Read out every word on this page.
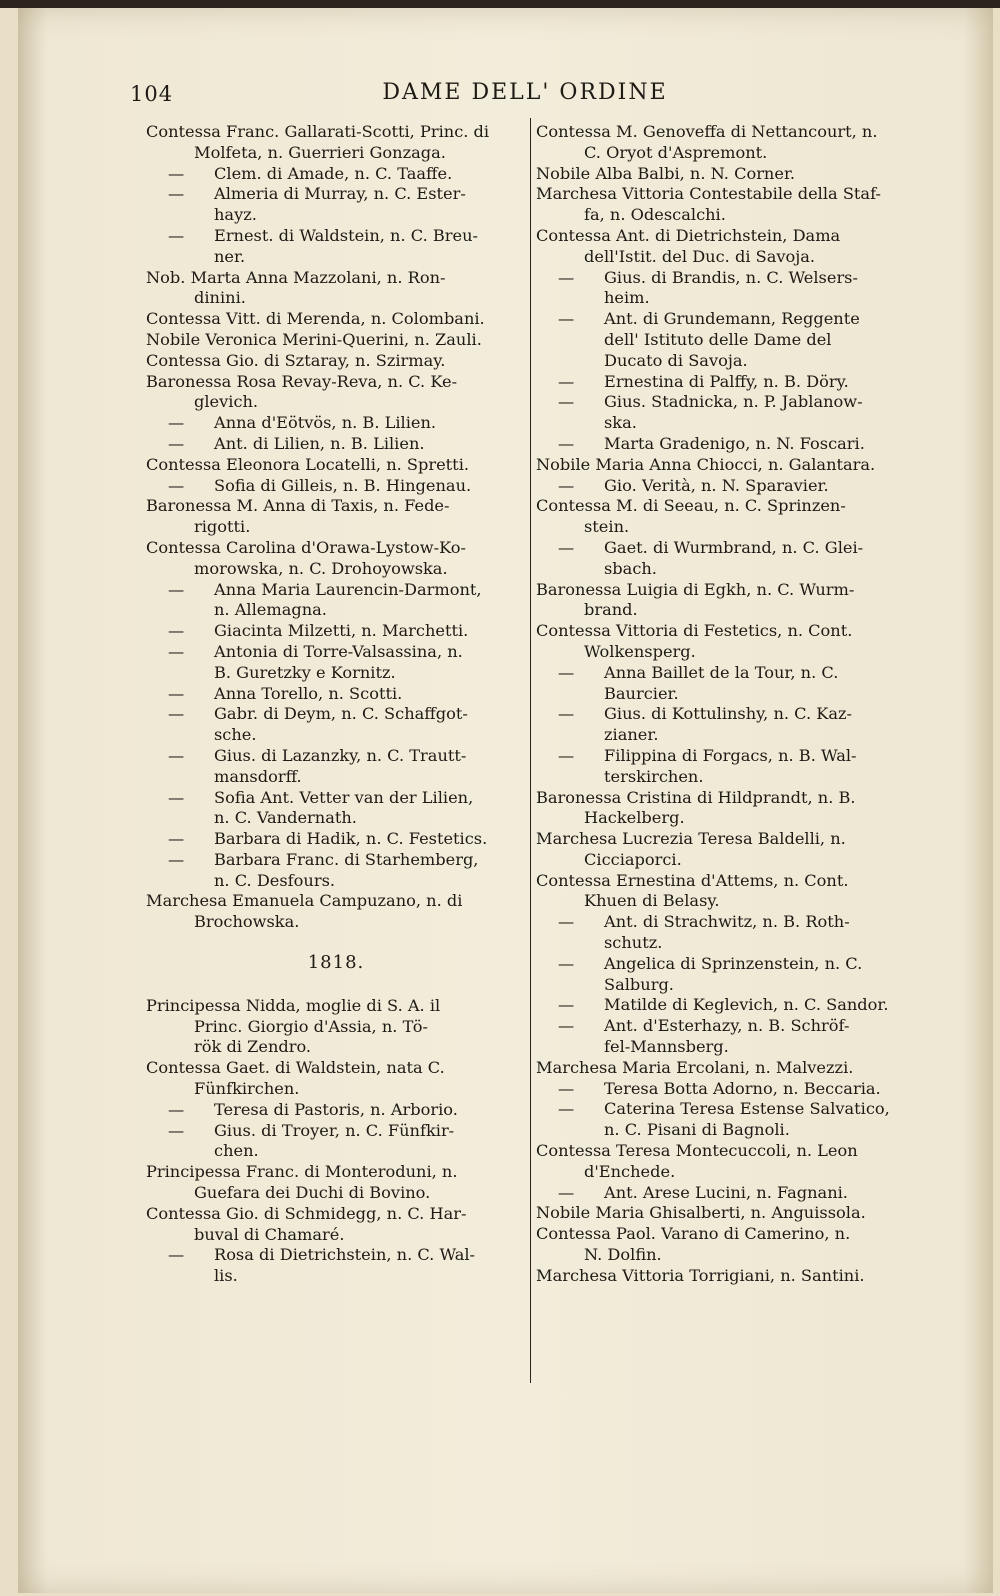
104	DAME DELL' ORDINE
Contessa Franc. Gallarati-Scotti, Princ. di
Molfeta, n. Guerrieri Gonzaga.
— Clem. di Amade, n. C. Taaffe.
— Almeria di Murray, n. C. Ester-
hayz.
— Ernest. di Waldstein, n. C. Breu-
ner.
Nob. Marta Anna Mazzolani, n. Ron-
dinini.
Contessa Vitt. di Merenda, n. Colombani.
Nobile Veronica Merini-Querini, n. Zauli.
Contessa Gio. di Sztaray, n. Szirmay.
Baronessa Rosa Revay-Reva, n. C. Ke-
glevich.
— Anna d'Eötvös, n. B. Lilien.
— Ant. di Lilien, n. B. Lilien.
Contessa Eleonora Locatelli, n. Spretti.
— Sofia di Gilleis, n. B. Hingenau.
Baronessa M. Anna di Taxis, n. Fede-
rigotti.
Contessa Carolina d'Orawa-Lystow-Ko-
morowska, n. C. Drohoyowska.
— Anna Maria Laurencin-Darmont,
n. Allemagna.
— Giacinta Milzetti, n. Marchetti.
— Antonia di Torre-Valsassina, n.
B. Guretzky e Kornitz.
— Anna Torello, n. Scotti.
— Gabr. di Deym, n. C. Schaffgot-
sche.
— Gius. di Lazanzky, n. C. Trautt-
mansdorff.
— Sofia Ant. Vetter van der Lilien,
n. C. Vandernath.
— Barbara di Hadik, n. C. Festetics.
— Barbara Franc. di Starhemberg,
n. C. Desfours.
Marchesa Emanuela Campuzano, n. di
Brochowska.
1818.
Principessa Nidda, moglie di S. A. il
Princ. Giorgio d'Assia, n. Tö-
rök di Zendro.
Contessa Gaet. di Waldstein, nata C.
Fünfkirchen.
— Teresa di Pastoris, n. Arborio.
— Gius. di Troyer, n. C. Fünfkir-
chen.
Principessa Franc. di Monteroduni, n.
Guefara dei Duchi di Bovino.
Contessa Gio. di Schmidegg, n. C. Har-
buval di Chamaré.
— Rosa di Dietrichstein, n. C. Wal-
lis.
Contessa M. Genoveffa di Nettancourt, n.
C. Oryot d'Aspremont.
Nobile Alba Balbi, n. N. Corner.
Marchesa Vittoria Contestabile della Staf-
fa, n. Odescalchi.
Contessa Ant. di Dietrichstein, Dama
dell'Istit. del Duc. di Savoja.
— Gius. di Brandis, n. C. Welsers-
heim.
— Ant. di Grundemann, Reggente
dell' Istituto delle Dame del
Ducato di Savoja.
— Ernestina di Palffy, n. B. Döry.
— Gius. Stadnicka, n. P. Jablanow-
ska.
— Marta Gradenigo, n. N. Foscari.
Nobile Maria Anna Chiocci, n. Galantara.
— Gio. Verità, n. N. Sparavier.
Contessa M. di Seeau, n. C. Sprinzen-
stein.
— Gaet. di Wurmbrand, n. C. Glei-
sbach.
Baronessa Luigia di Egkh, n. C. Wurm-
brand.
Contessa Vittoria di Festetics, n. Cont.
Wolkensperg.
— Anna Baillet de la Tour, n. C.
Baurcier.
— Gius. di Kottulinshy, n. C. Kaz-
zianer.
— Filippina di Forgacs, n. B. Wal-
terskirchen.
Baronessa Cristina di Hildprandt, n. B.
Hackelberg.
Marchesa Lucrezia Teresa Baldelli, n.
Cicciaporci.
Contessa Ernestina d'Attems, n. Cont.
Khuen di Belasy.
— Ant. di Strachwitz, n. B. Roth-
schutz.
— Angelica di Sprinzenstein, n. C.
Salburg.
— Matilde di Keglevich, n. C. Sandor.
— Ant. d'Esterhazy, n. B. Schröf-
fel-Mannsberg.
Marchesa Maria Ercolani, n. Malvezzi.
— Teresa Botta Adorno, n. Beccaria.
— Caterina Teresa Estense Salvatico,
n. C. Pisani di Bagnoli.
Contessa Teresa Montecuccoli, n. Leon
d'Enchede.
— Ant. Arese Lucini, n. Fagnani.
Nobile Maria Ghisalberti, n. Anguissola.
Contessa Paol. Varano di Camerino, n.
N. Dolfin.
Marchesa Vittoria Torrigiani, n. Santini.
